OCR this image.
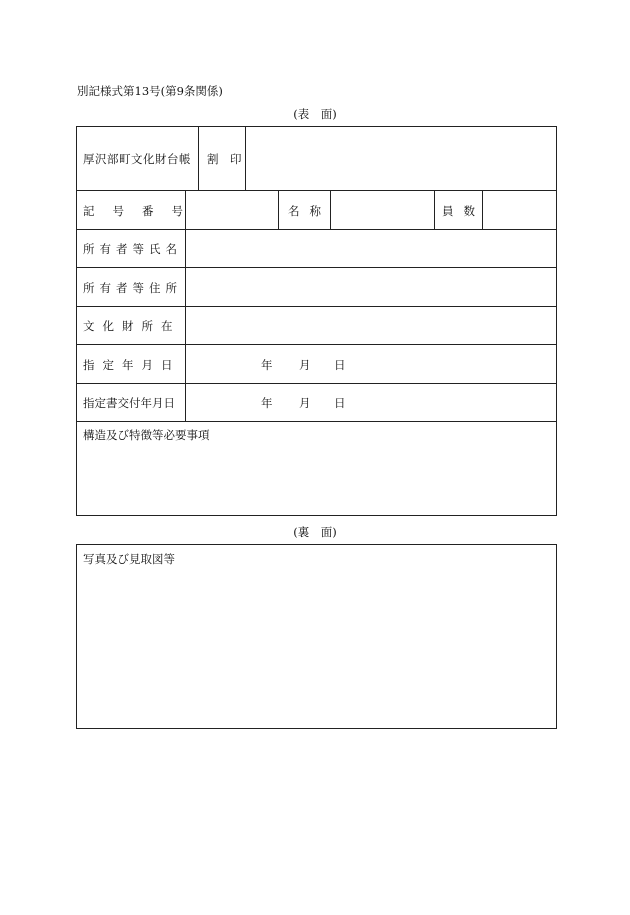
別記様式第13号(第9条関係)
(表　面)
厚沢部町文化財台帳 割　印
記号番号	名称	員数
所有者等氏名
所有者等住所
文化財所在
指定年月日	年 月 日
指定書交付年月日	年 月 日
構造及び特徴等必要事項
(裏　面)
写真及び見取図等
